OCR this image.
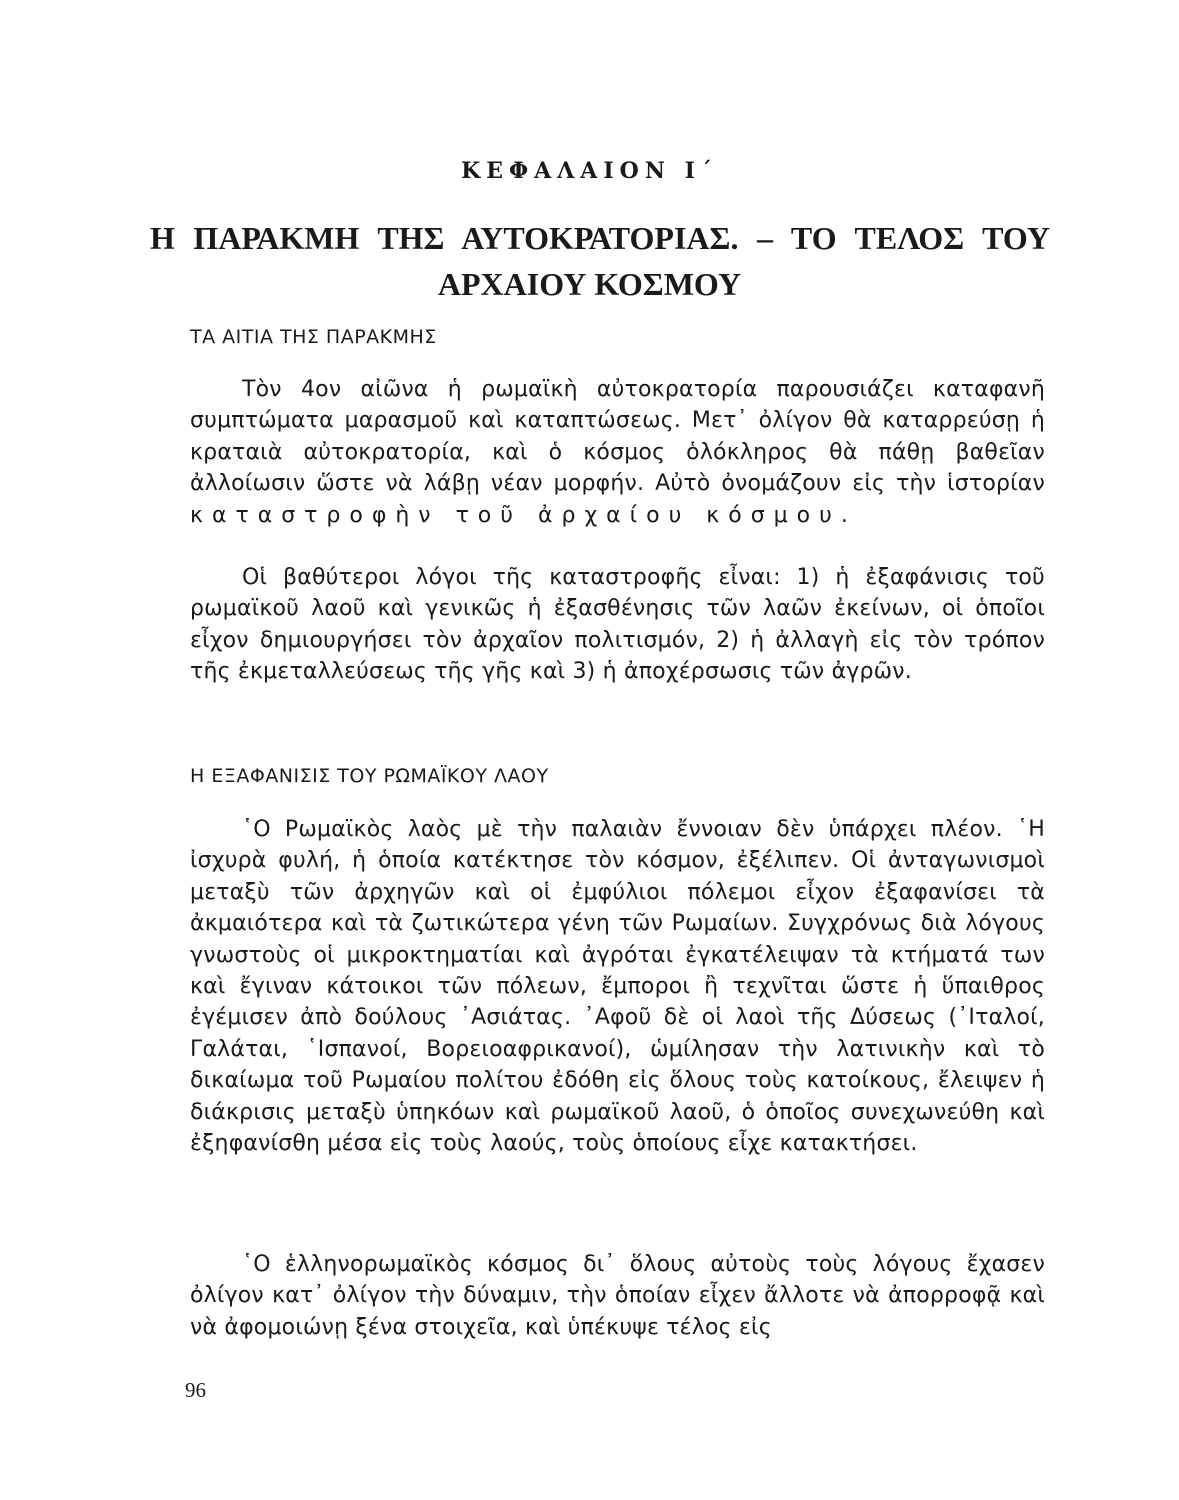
ΚΕΦΑΛΑΙΟΝ Ι΄
Η ΠΑΡΑΚΜΗ ΤΗΣ ΑΥΤΟΚΡΑΤΟΡΙΑΣ. – ΤΟ ΤΕΛΟΣ ΤΟΥ
ΑΡΧΑΙΟΥ ΚΟΣΜΟΥ
ΤΑ ΑΙΤΙΑ ΤΗΣ ΠΑΡΑΚΜΗΣ

Τὸν 4ον αἰῶνα ἡ ρωμαϊκὴ αὐτοκρατορία παρουσιάζει καταφανῆ συμπτώματα μαρασμοῦ καὶ καταπτώσεως. Μετ᾽ ὀλίγον θὰ καταρρεύσῃ ἡ κραταιὰ αὐτοκρατορία, καὶ ὁ κόσμος ὁλόκληρος θὰ πάθῃ βαθεῖαν ἀλλοίωσιν ὥστε νὰ λάβῃ νέαν μορφήν. Αὐτὸ ὀνομάζουν εἰς τὴν ἱστορίαν καταστροφὴν τοῦ ἀρχαίου κόσμου.

Οἱ βαθύτεροι λόγοι τῆς καταστροφῆς εἶναι: 1) ἡ ἐξαφάνισις τοῦ ρωμαϊκοῦ λαοῦ καὶ γενικῶς ἡ ἐξασθένησις τῶν λαῶν ἐκείνων, οἱ ὁποῖοι εἶχον δημιουργήσει τὸν ἀρχαῖον πολιτισμόν, 2) ἡ ἀλλαγὴ εἰς τὸν τρόπον τῆς ἐκμεταλλεύσεως τῆς γῆς καὶ 3) ἡ ἀποχέρσωσις τῶν ἀγρῶν.

Η ΕΞΑΦΑΝΙΣΙΣ ΤΟΥ ΡΩΜΑΪΚΟΥ ΛΑΟΥ

῾Ο Ρωμαϊκὸς λαὸς μὲ τὴν παλαιὰν ἔννοιαν δὲν ὑπάρχει πλέον. ῾Η ἰσχυρὰ φυλή, ἡ ὁποία κατέκτησε τὸν κόσμον, ἐξέλιπεν. Οἱ ἀνταγωνισμοὶ μεταξὺ τῶν ἀρχηγῶν καὶ οἱ ἐμφύλιοι πόλεμοι εἶχον ἐξαφανίσει τὰ ἀκμαιότερα καὶ τὰ ζωτικώτερα γένη τῶν Ρωμαίων. Συγχρόνως διὰ λόγους γνωστοὺς οἱ μικροκτηματίαι καὶ ἀγρόται ἐγκατέλειψαν τὰ κτήματά των καὶ ἔγιναν κάτοικοι τῶν πόλεων, ἔμποροι ἢ τεχνῖται ὥστε ἡ ὕπαιθρος ἐγέμισεν ἀπὸ δούλους ᾽Ασιάτας. ᾽Αφοῦ δὲ οἱ λαοὶ τῆς Δύσεως (᾽Ιταλοί, Γαλάται, ῾Ισπανοί, Βορειοαφρικανοί), ὡμίλησαν τὴν λατινικὴν καὶ τὸ δικαίωμα τοῦ Ρωμαίου πολίτου ἐδόθη εἰς ὅλους τοὺς κατοίκους, ἔλειψεν ἡ διάκρισις μεταξὺ ὑπηκόων καὶ ρωμαϊκοῦ λαοῦ, ὁ ὁποῖος συνεχωνεύθη καὶ ἐξηφανίσθη μέσα εἰς τοὺς λαούς, τοὺς ὁποίους εἶχε κατακτήσει.

῾Ο ἑλληνορωμαϊκὸς κόσμος δι᾽ ὅλους αὐτοὺς τοὺς λόγους ἔχασεν ὀλίγον κατ᾽ ὀλίγον τὴν δύναμιν, τὴν ὁποίαν εἶχεν ἄλλοτε νὰ ἀπορροφᾷ καὶ νὰ ἀφομοιώνῃ ξένα στοιχεῖα, καὶ ὑπέκυψε τέλος εἰς

96
